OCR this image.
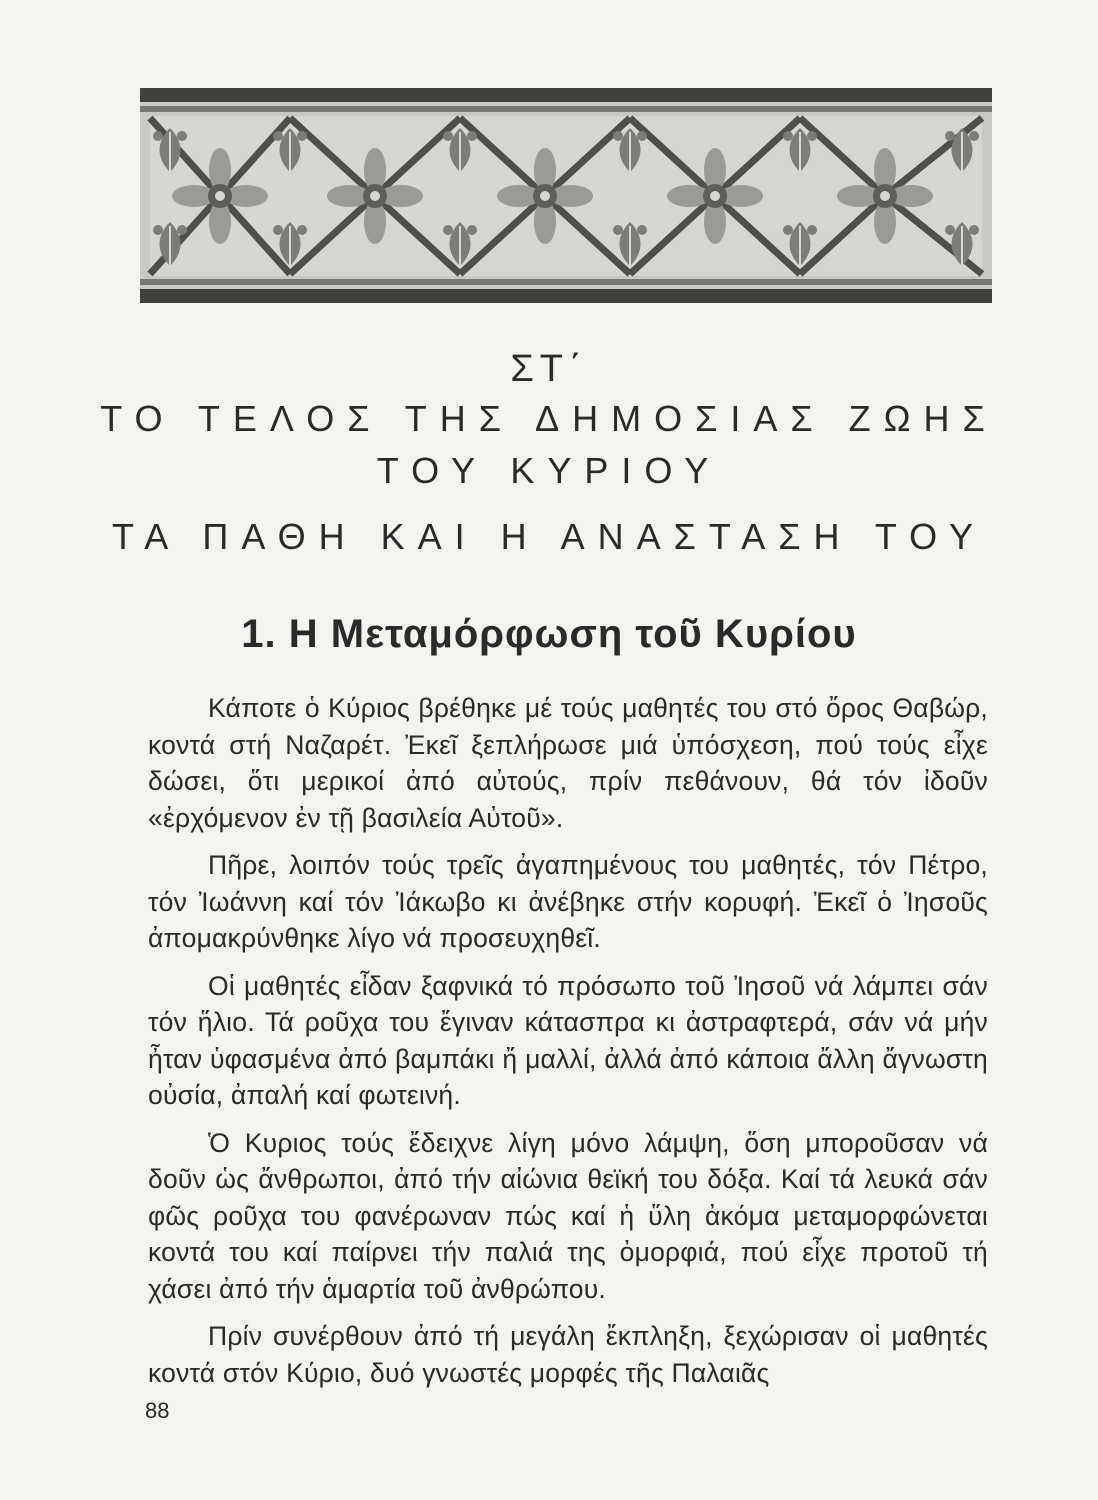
ΣΤ΄
ΤΟ ΤΕΛΟΣ ΤΗΣ ΔΗΜΟΣΙΑΣ ΖΩΗΣ
ΤΟΥ ΚΥΡΙΟΥ
ΤΑ ΠΑΘΗ ΚΑΙ Η ΑΝΑΣΤΑΣΗ ΤΟΥ
1. Η Μεταμόρφωση τοῦ Κυρίου

Κάποτε ὁ Κύριος βρέθηκε μέ τούς μαθητές του στό ὄρος Θαβώρ, κοντά στή Ναζαρέτ. Ἐκεῖ ξεπλήρωσε μιά ὑπόσχεση, πού τούς εἶχε δώσει, ὅτι μερικοί ἀπό αὐτούς, πρίν πεθάνουν, θά τόν ἰδοῦν «ἐρχόμενον ἐν τῇ βασιλεία Αὐτοῦ».

Πῆρε, λοιπόν τούς τρεῖς ἀγαπημένους του μαθητές, τόν Πέτρο, τόν Ἰωάννη καί τόν Ἰάκωβο κι ἀνέβηκε στήν κορυφή. Ἐκεῖ ὁ Ἰησοῦς ἀπομακρύνθηκε λίγο νά προσευχηθεῖ.

Οἱ μαθητές εἶδαν ξαφνικά τό πρόσωπο τοῦ Ἰησοῦ νά λάμπει σάν τόν ἥλιο. Τά ροῦχα του ἔγιναν κάτασπρα κι ἀστραφτερά, σάν νά μήν ἦταν ὑφασμένα ἀπό βαμπάκι ἤ μαλλί, ἀλλά ἀπό κάποια ἄλλη ἄγνωστη οὐσία, ἀπαλή καί φωτεινή.

Ὁ Κυριος τούς ἔδειχνε λίγη μόνο λάμψη, ὅση μποροῦσαν νά δοῦν ὡς ἄνθρωποι, ἀπό τήν αἰώνια θεϊκή του δόξα. Καί τά λευκά σάν φῶς ροῦχα του φανέρωναν πώς καί ἡ ὕλη ἀκόμα μεταμορφώνεται κοντά του καί παίρνει τήν παλιά της ὀμορφιά, πού εἶχε προτοῦ τή χάσει ἀπό τήν ἁμαρτία τοῦ ἀνθρώπου.

Πρίν συνέρθουν ἀπό τή μεγάλη ἔκπληξη, ξεχώρισαν οἱ μαθητές κοντά στόν Κύριο, δυό γνωστές μορφές τῆς Παλαιᾶς

88
